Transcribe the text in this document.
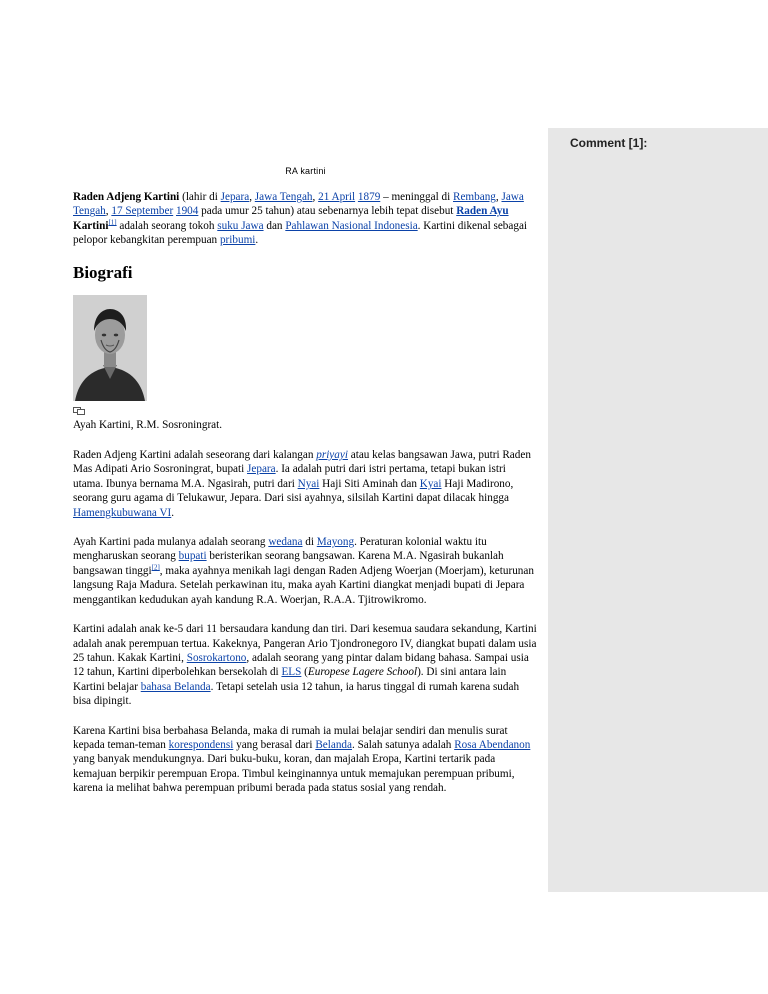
Comment [1]:
RA kartini

Raden Adjeng Kartini (lahir di Jepara, Jawa Tengah, 21 April 1879 – meninggal di Rembang, Jawa Tengah, 17 September 1904 pada umur 25 tahun) atau sebenarnya lebih tepat disebut Raden Ayu Kartini[1] adalah seorang tokoh suku Jawa dan Pahlawan Nasional Indonesia. Kartini dikenal sebagai pelopor kebangkitan perempuan pribumi.

Biografi

Ayah Kartini, R.M. Sosroningrat.

Raden Adjeng Kartini adalah seseorang dari kalangan priyayi atau kelas bangsawan Jawa, putri Raden Mas Adipati Ario Sosroningrat, bupati Jepara. Ia adalah putri dari istri pertama, tetapi bukan istri utama. Ibunya bernama M.A. Ngasirah, putri dari Nyai Haji Siti Aminah dan Kyai Haji Madirono, seorang guru agama di Telukawur, Jepara. Dari sisi ayahnya, silsilah Kartini dapat dilacak hingga Hamengkubuwana VI.

Ayah Kartini pada mulanya adalah seorang wedana di Mayong. Peraturan kolonial waktu itu mengharuskan seorang bupati beristerikan seorang bangsawan. Karena M.A. Ngasirah bukanlah bangsawan tinggi[2], maka ayahnya menikah lagi dengan Raden Adjeng Woerjan (Moerjam), keturunan langsung Raja Madura. Setelah perkawinan itu, maka ayah Kartini diangkat menjadi bupati di Jepara menggantikan kedudukan ayah kandung R.A. Woerjan, R.A.A. Tjitrowikromo.

Kartini adalah anak ke-5 dari 11 bersaudara kandung dan tiri. Dari kesemua saudara sekandung, Kartini adalah anak perempuan tertua. Kakeknya, Pangeran Ario Tjondronegoro IV, diangkat bupati dalam usia 25 tahun. Kakak Kartini, Sosrokartono, adalah seorang yang pintar dalam bidang bahasa. Sampai usia 12 tahun, Kartini diperbolehkan bersekolah di ELS (Europese Lagere School). Di sini antara lain Kartini belajar bahasa Belanda. Tetapi setelah usia 12 tahun, ia harus tinggal di rumah karena sudah bisa dipingit.

Karena Kartini bisa berbahasa Belanda, maka di rumah ia mulai belajar sendiri dan menulis surat kepada teman-teman korespondensi yang berasal dari Belanda. Salah satunya adalah Rosa Abendanon yang banyak mendukungnya. Dari buku-buku, koran, dan majalah Eropa, Kartini tertarik pada kemajuan berpikir perempuan Eropa. Timbul keinginannya untuk memajukan perempuan pribumi, karena ia melihat bahwa perempuan pribumi berada pada status sosial yang rendah.
